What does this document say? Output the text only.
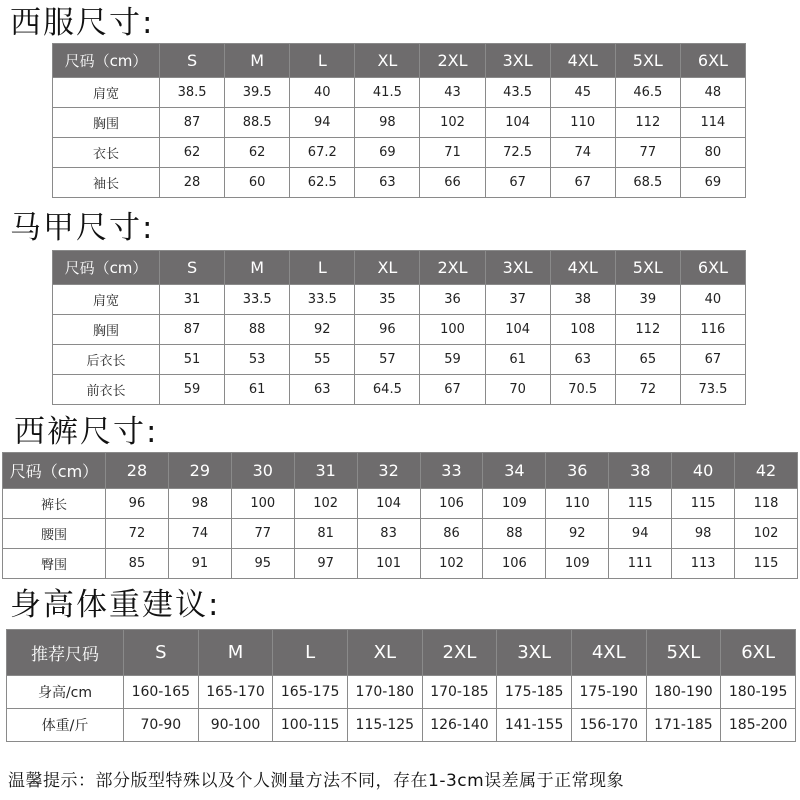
西服尺寸:
尺码（cm）	S	M	L	XL	2XL	3XL	4XL	5XL	6XL
肩宽	38.5	39.5	40	41.5	43	43.5	45	46.5	48
胸围	87	88.5	94	98	102	104	110	112	114
衣长	62	62	67.2	69	71	72.5	74	77	80
袖长	28	60	62.5	63	66	67	67	68.5	69
马甲尺寸:
尺码（cm）	S	M	L	XL	2XL	3XL	4XL	5XL	6XL
肩宽	31	33.5	33.5	35	36	37	38	39	40
胸围	87	88	92	96	100	104	108	112	116
后衣长	51	53	55	57	59	61	63	65	67
前衣长	59	61	63	64.5	67	70	70.5	72	73.5
西裤尺寸:
尺码（cm）	28	29	30	31	32	33	34	36	38	40	42
裤长	96	98	100	102	104	106	109	110	115	115	118
腰围	72	74	77	81	83	86	88	92	94	98	102
臀围	85	91	95	97	101	102	106	109	111	113	115
身高体重建议:
推荐尺码	S	M	L	XL	2XL	3XL	4XL	5XL	6XL
身高/cm	160-165	165-170	165-175	170-180	170-185	175-185	175-190	180-190	180-195
体重/斤	70-90	90-100	100-115	115-125	126-140	141-155	156-170	171-185	185-200
温馨提示：部分版型特殊以及个人测量方法不同，存在1-3cm误差属于正常现象
